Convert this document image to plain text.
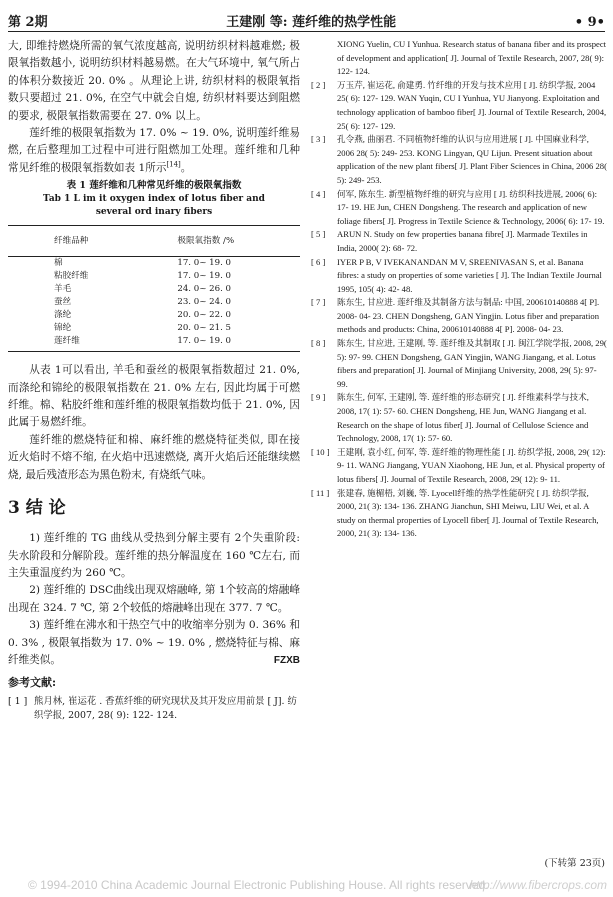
第 2期	王建刚 等: 莲纤维的热学性能	• 9•

大, 即维持燃烧所需的氧气浓度越高, 说明纺织材料越难燃; 极限氧指数越小, 说明纺织材料越易燃。在大气环境中, 氧气所占的体积分数接近 20. 0% 。从理论上讲, 纺织材料的极限氧指数只要超过 21. 0%, 在空气中就会自熄, 纺织材料要达到阻燃的要求, 极限氧指数需要在 27. 0% 以上。

莲纤维的极限氧指数为 17. 0% ~ 19. 0%, 说明莲纤维易燃, 在后整理加工过程中可进行阻燃加工处理。莲纤维和几种常见纤维的极限氧指数如表 1所示[14]。

表 1 莲纤维和几种常见纤维的极限氧指数

Tab 1 L im it oxygen index of lotus fiber and

several ord inary fibers

纤维品种	极限氧指数 /%
棉	17. 0~ 19. 0
粘胶纤维	17. 0~ 19. 0
羊毛	24. 0~ 26. 0
蚕丝	23. 0~ 24. 0
涤纶	20. 0~ 22. 0
锦纶	20. 0~ 21. 5
莲纤维	17. 0~ 19. 0

从表 1可以看出, 羊毛和蚕丝的极限氧指数超过 21. 0%, 而涤纶和锦纶的极限氧指数在 21. 0% 左右, 因此均属于可燃纤维。棉、粘胶纤维和莲纤维的极限氧指数均低于 21. 0%, 因此属于易燃纤维。

莲纤维的燃烧特征和棉、麻纤维的燃烧特征类似, 即在接近火焰时不熔不缩, 在火焰中迅速燃烧, 离开火焰后还能继续燃烧, 最后残渣形态为黑色粉末, 有烧纸气味。

3 结 论

1) 莲纤维的 TG 曲线从受热到分解主要有 2个失重阶段: 失水阶段和分解阶段。莲纤维的热分解温度在 160 ℃左右, 而主失重温度约为 260 ℃。

2) 莲纤维的 DSC曲线出现双熔融峰, 第 1个较高的熔融峰出现在 324. 7 ℃, 第 2个较低的熔融峰出现在 377. 7 ℃。

3) 莲纤维在沸水和干热空气中的收缩率分别为 0. 36% 和 0. 3% , 极限氧指数为 17. 0% ~ 19. 0% , 燃烧特征与棉、麻纤维类似。	FZXB

参考文献:
[ 1 ] 熊月林, 崔运花 . 香蕉纤维的研究现状及其开发应用前景 [ J]. 纺织学报, 2007, 28( 9): 122- 124.
XIONG Yuelin, CU I Yunhua. Research status of banana fiber and its prospect of development and application[ J]. Journal of Textile Research, 2007, 28( 9): 122- 124.
[ 2 ]	万玉芹, 崔运花, 俞建勇. 竹纤维的开发与技术应用 [ J]. 纺织学报, 2004 25( 6): 127- 129. WAN Yuqin, CU I Yunhua, YU Jianyong. Exploitation and technology application of bamboo fiber[ J]. Journal of Textile Research, 2004, 25( 6): 127- 129.
[ 3 ]	孔令燕, 曲丽君. 不同植物纤维的认识与应用进展 [ J]. 中国麻业科学, 2006 28( 5): 249- 253. KONG Lingyan, QU Lijun. Present situation about application of the new plant fibers[ J]. Plant Fiber Sciences in China, 2006 28( 5): 249- 253.
[ 4 ]	何军, 陈东生. 新型植物纤维的研究与应用 [ J]. 纺织科技进展, 2006( 6): 17- 19. HE Jun, CHEN Dongsheng. The research and application of new foliage fibers[ J]. Progress in Textile Science & Technology, 2006( 6): 17- 19.
[ 5 ]	ARUN N. Study on few properties banana fibre[ J]. Marmade Textiles in India, 2000( 2): 68- 72.
[ 6 ]	IYER P B, V IVEKANANDAN M V, SREENIVASAN S, et al. Banana fibres: a study on properties of some varieties [ J]. The Indian Textile Journal 1995, 105( 4): 42- 48.
[ 7 ]	陈东生, 甘应进. 莲纤维及其制备方法与制品: 中国, 200610140888 4[ P]. 2008- 04- 23. CHEN Dongsheng, GAN Yingjin. Lotus fiber and preparation methods and products: China, 200610140888 4[ P]. 2008- 04- 23.
[ 8 ]	陈东生, 甘应进, 王建刚, 等. 莲纤维及其制取 [ J]. 闽江学院学报, 2008, 29( 5): 97- 99. CHEN Dongsheng, GAN Yingjin, WANG Jiangang, et al. Lotus fibers and preparation[ J]. Journal of Minjiang University, 2008, 29( 5): 97- 99.
[ 9 ]	陈东生, 何军, 王建刚, 等. 莲纤维的形态研究 [ J]. 纤维素科学与技术, 2008, 17( 1): 57- 60. CHEN Dongsheng, HE Jun, WANG Jiangang et al. Research on the shape of lotus fiber[ J]. Journal of Cellulose Science and Technology, 2008, 17( 1): 57- 60.
[ 10 ] 王建刚, 袁小红, 何军, 等. 莲纤维的物理性能 [ J]. 纺织学报, 2008, 29( 12): 9- 11. WANG Jiangang, YUAN Xiaohong, HE Jun, et al. Physical property of lotus fibers[ J]. Journal of Textile Research, 2008, 29( 12): 9- 11.
[ 11 ] 张建春, 施楣梧, 刘巍, 等. Lyocell纤维的热学性能研究 [ J]. 纺织学报, 2000, 21( 3): 134- 136. ZHANG Jianchun, SHI Meiwu, LIU Wei, et al. A study on thermal properties of Lyocell fiber[ J]. Journal of Textile Research, 2000, 21( 3): 134- 136.
(下转第 23页)
© 1994-2010 China Academic Journal Electronic Publishing House. All rights reserved.
http://www.fibercrops.com
